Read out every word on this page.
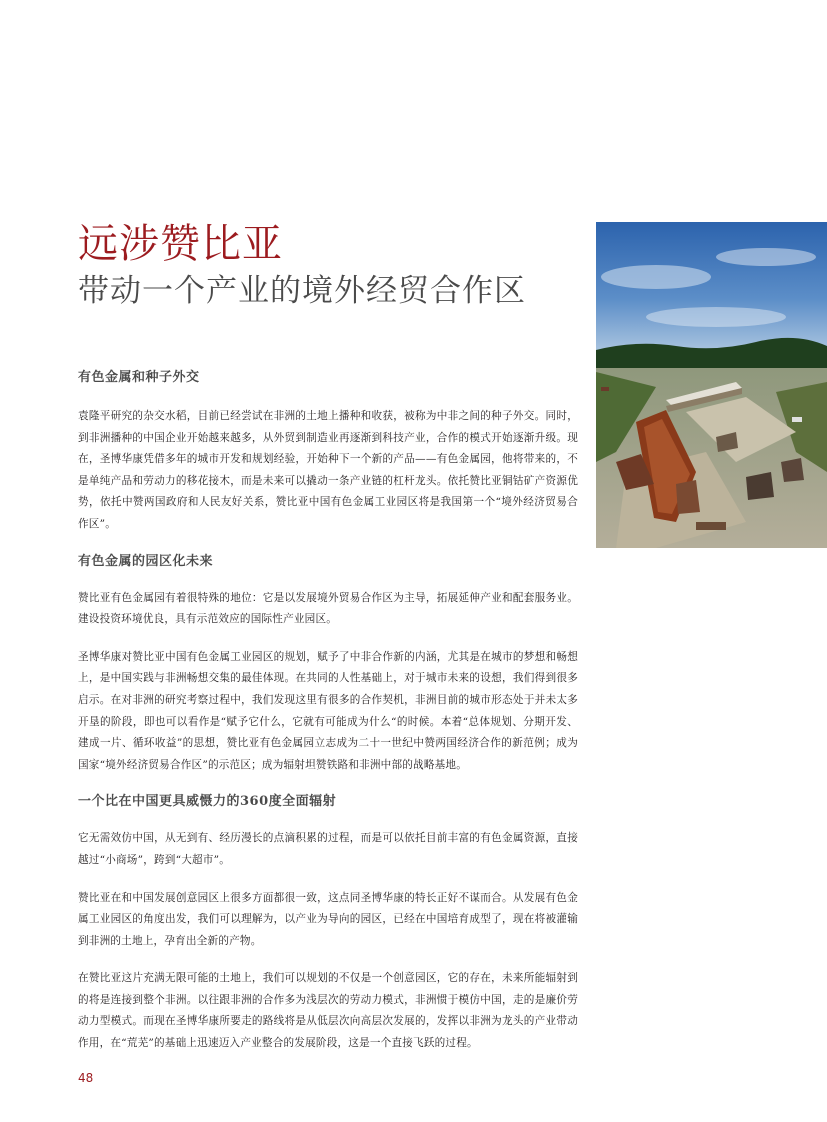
远涉赞比亚
带动一个产业的境外经贸合作区
有色金属和种子外交

袁隆平研究的杂交水稻，目前已经尝试在非洲的土地上播种和收获，被称为中非之间的种子外交。同时，到非洲播种的中国企业开始越来越多，从外贸到制造业再逐渐到科技产业，合作的模式开始逐渐升级。现在，圣博华康凭借多年的城市开发和规划经验，开始种下一个新的产品——有色金属园，他将带来的，不是单纯产品和劳动力的移花接木，而是未来可以撬动一条产业链的杠杆龙头。依托赞比亚铜钴矿产资源优势，依托中赞两国政府和人民友好关系，赞比亚中国有色金属工业园区将是我国第一个“境外经济贸易合作区”。

有色金属的园区化未来

赞比亚有色金属园有着很特殊的地位：它是以发展境外贸易合作区为主导，拓展延伸产业和配套服务业。建设投资环境优良，具有示范效应的国际性产业园区。

圣博华康对赞比亚中国有色金属工业园区的规划，赋予了中非合作新的内涵，尤其是在城市的梦想和畅想上，是中国实践与非洲畅想交集的最佳体现。在共同的人性基础上，对于城市未来的设想，我们得到很多启示。在对非洲的研究考察过程中，我们发现这里有很多的合作契机，非洲目前的城市形态处于并未太多开垦的阶段，即也可以看作是“赋予它什么，它就有可能成为什么“的时候。本着“总体规划、分期开发、建成一片、循环收益”的思想，赞比亚有色金属园立志成为二十一世纪中赞两国经济合作的新范例；成为国家“境外经济贸易合作区”的示范区；成为辐射坦赞铁路和非洲中部的战略基地。

一个比在中国更具威慑力的360度全面辐射

它无需效仿中国，从无到有、经历漫长的点滴积累的过程，而是可以依托目前丰富的有色金属资源，直接越过“小商场”，跨到“大超市”。

赞比亚在和中国发展创意园区上很多方面都很一致，这点同圣博华康的特长正好不谋而合。从发展有色金属工业园区的角度出发，我们可以理解为，以产业为导向的园区，已经在中国培育成型了，现在将被灌输到非洲的土地上，孕育出全新的产物。

在赞比亚这片充满无限可能的土地上，我们可以规划的不仅是一个创意园区，它的存在，未来所能辐射到的将是连接到整个非洲。以往跟非洲的合作多为浅层次的劳动力模式，非洲惯于模仿中国，走的是廉价劳动力型模式。而现在圣博华康所要走的路线将是从低层次向高层次发展的，发挥以非洲为龙头的产业带动作用，在“荒芜”的基础上迅速迈入产业整合的发展阶段，这是一个直接飞跃的过程。

48
